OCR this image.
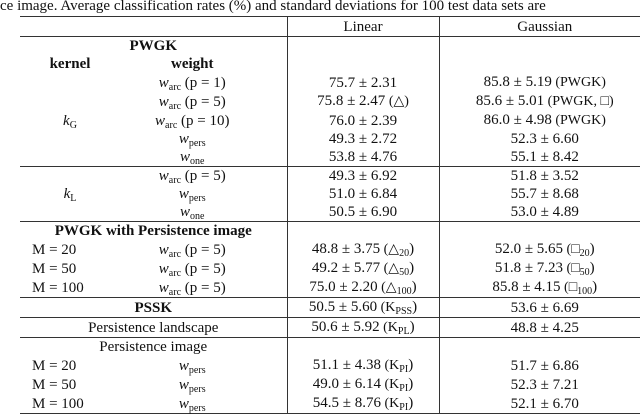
ce image. Average classification rates (%) and standard deviations for 100 test data sets are
		Linear	Gaussian
PWGK			
kernel	weight		
	$w_{arc}$ (p = 1)	75.7 ± 2.31	85.8 ± 5.19 (PWGK)
	$w_{arc}$ (p = 5)	75.8 ± 2.47 (△)	85.6 ± 5.01 (PWGK, □)
$k_G$	$w_{arc}$ (p = 10)	76.0 ± 2.39	86.0 ± 4.98 (PWGK)
	$w_{pers}$	49.3 ± 2.72	52.3 ± 6.60
	$w_{one}$	53.8 ± 4.76	55.1 ± 8.42
	$w_{arc}$ (p = 5)	49.3 ± 6.92	51.8 ± 3.52
$k_L$	$w_{pers}$	51.0 ± 6.84	55.7 ± 8.68
	$w_{one}$	50.5 ± 6.90	53.0 ± 4.89
PWGK with Persistence image			
M = 20	$w_{arc}$ (p = 5)	48.8 ± 3.75 $(\triangle_{20})$	52.0 ± 5.65 $(□_{20})$
M = 50	$w_{arc}$ (p = 5)	49.2 ± 5.77 $(\triangle_{50})$	51.8 ± 7.23 $(□_{50})$
M = 100	$w_{arc}$ (p = 5)	75.0 ± 2.20 $(\triangle_{100})$	85.8 ± 4.15 $(□_{100})$
PSSK		50.5 ± 5.60 $(K_{PSS})$	53.6 ± 6.69
Persistence landscape		50.6 ± 5.92 $(K_{PL})$	48.8 ± 4.25
Persistence image			
M = 20	$w_{pers}$	51.1 ± 4.38 $(K_{PI})$	51.7 ± 6.86
M = 50	$w_{pers}$	49.0 ± 6.14 $(K_{PI})$	52.3 ± 7.21
M = 100	$w_{pers}$	54.5 ± 8.76 $(K_{PI})$	52.1 ± 6.70
